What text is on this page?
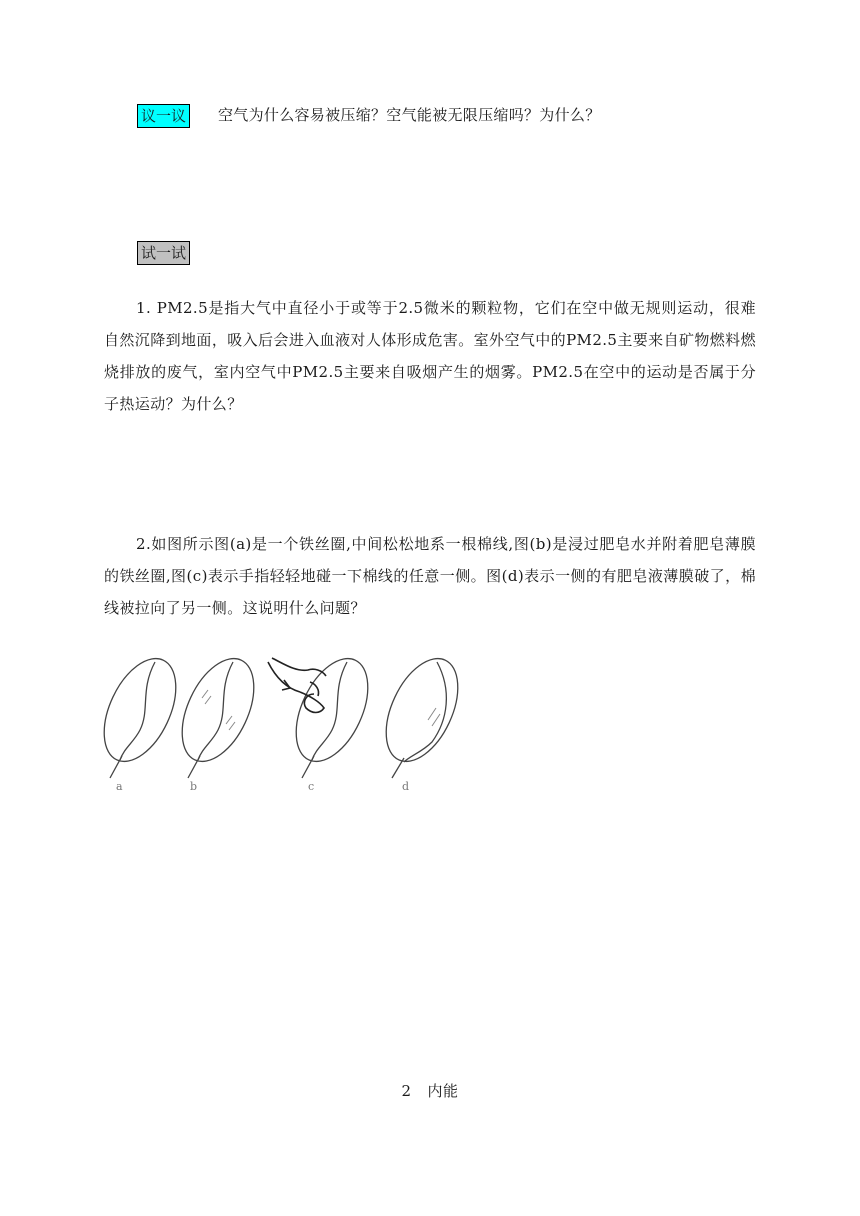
议一议 空气为什么容易被压缩？空气能被无限压缩吗？为什么？
试一试

1. PM2.5是指大气中直径小于或等于2.5微米的颗粒物，它们在空中做无规则运动，很难自然沉降到地面，吸入后会进入血液对人体形成危害。室外空气中的PM2.5主要来自矿物燃料燃烧排放的废气，室内空气中PM2.5主要来自吸烟产生的烟雾。PM2.5在空中的运动是否属于分子热运动？为什么？

2.如图所示图(a)是一个铁丝圈,中间松松地系一根棉线,图(b)是浸过肥皂水并附着肥皂薄膜的铁丝圈,图(c)表示手指轻轻地碰一下棉线的任意一侧。图(d)表示一侧的有肥皂液薄膜破了，棉线被拉向了另一侧。这说明什么问题？

a	b	c	d
2 内能
